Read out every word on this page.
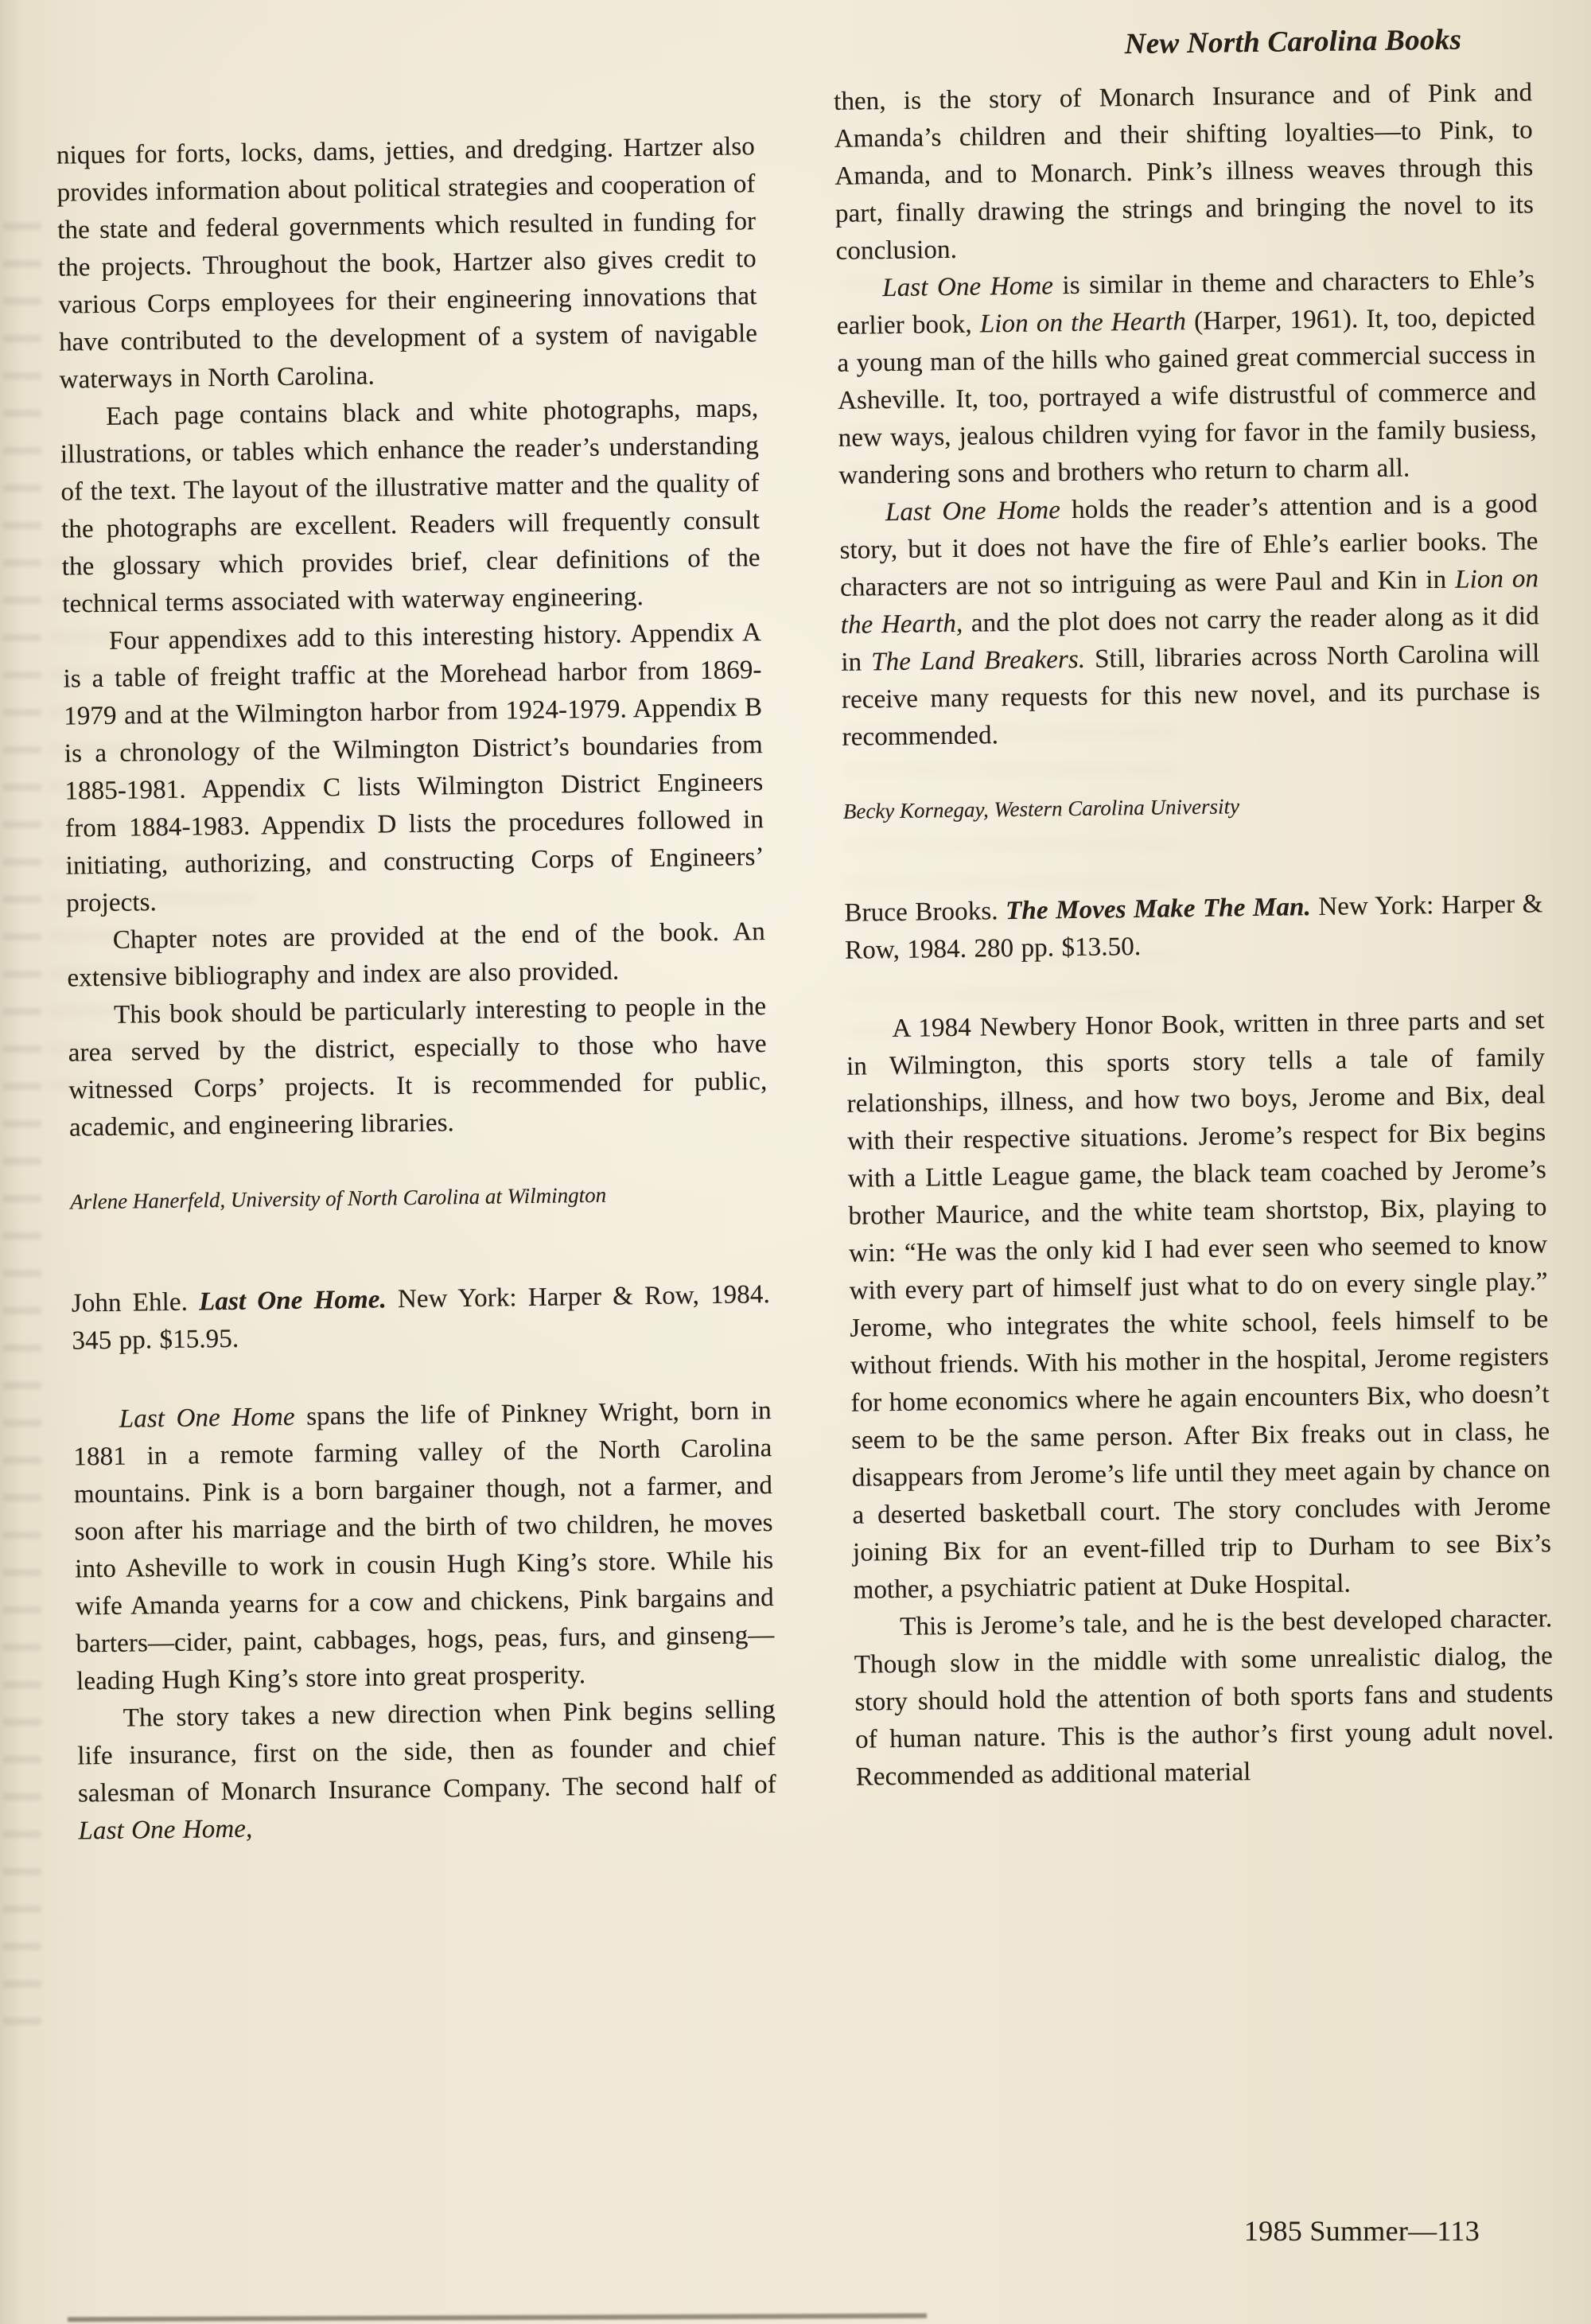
New North Carolina Books

niques for forts, locks, dams, jetties, and dredging. Hartzer also provides information about political strategies and cooperation of the state and federal governments which resulted in funding for the projects. Throughout the book, Hartzer also gives credit to various Corps employees for their engineering innovations that have contributed to the development of a system of navigable waterways in North Carolina.

Each page contains black and white photographs, maps, illustrations, or tables which enhance the reader’s understanding of the text. The layout of the illustrative matter and the quality of the photographs are excellent. Readers will frequently consult the glossary which provides brief, clear definitions of the technical terms associated with waterway engineering.

Four appendixes add to this interesting history. Appendix A is a table of freight traffic at the Morehead harbor from 1869-1979 and at the Wilmington harbor from 1924-1979. Appendix B is a chronology of the Wilmington District’s boundaries from 1885-1981. Appendix C lists Wilmington District Engineers from 1884-1983. Appendix D lists the procedures followed in initiating, authorizing, and constructing Corps of Engineers’ projects.

Chapter notes are provided at the end of the book. An extensive bibliography and index are also provided.

This book should be particularly interesting to people in the area served by the district, especially to those who have witnessed Corps’ projects. It is recommended for public, academic, and engineering libraries.

Arlene Hanerfeld, University of North Carolina at Wilmington

John Ehle. Last One Home. New York: Harper & Row, 1984. 345 pp. $15.95.

Last One Home spans the life of Pinkney Wright, born in 1881 in a remote farming valley of the North Carolina mountains. Pink is a born bargainer though, not a farmer, and soon after his marriage and the birth of two children, he moves into Asheville to work in cousin Hugh King’s store. While his wife Amanda yearns for a cow and chickens, Pink bargains and barters—cider, paint, cabbages, hogs, peas, furs, and ginseng—leading Hugh King’s store into great prosperity.

The story takes a new direction when Pink begins selling life insurance, first on the side, then as founder and chief salesman of Monarch Insurance Company. The second half of Last One Home,

then, is the story of Monarch Insurance and of Pink and Amanda’s children and their shifting loyalties—to Pink, to Amanda, and to Monarch. Pink’s illness weaves through this part, finally drawing the strings and bringing the novel to its conclusion.

Last One Home is similar in theme and characters to Ehle’s earlier book, Lion on the Hearth (Harper, 1961). It, too, depicted a young man of the hills who gained great commercial success in Asheville. It, too, portrayed a wife distrustful of commerce and new ways, jealous children vying for favor in the family busiess, wandering sons and brothers who return to charm all.

Last One Home holds the reader’s attention and is a good story, but it does not have the fire of Ehle’s earlier books. The characters are not so intriguing as were Paul and Kin in Lion on the Hearth, and the plot does not carry the reader along as it did in The Land Breakers. Still, libraries across North Carolina will receive many requests for this new novel, and its purchase is recommended.

Becky Kornegay, Western Carolina University

Bruce Brooks. The Moves Make The Man. New York: Harper & Row, 1984. 280 pp. $13.50.

A 1984 Newbery Honor Book, written in three parts and set in Wilmington, this sports story tells a tale of family relationships, illness, and how two boys, Jerome and Bix, deal with their respective situations. Jerome’s respect for Bix begins with a Little League game, the black team coached by Jerome’s brother Maurice, and the white team shortstop, Bix, playing to win: “He was the only kid I had ever seen who seemed to know with every part of himself just what to do on every single play.” Jerome, who integrates the white school, feels himself to be without friends. With his mother in the hospital, Jerome registers for home economics where he again encounters Bix, who doesn’t seem to be the same person. After Bix freaks out in class, he disappears from Jerome’s life until they meet again by chance on a deserted basketball court. The story concludes with Jerome joining Bix for an event-filled trip to Durham to see Bix’s mother, a psychiatric patient at Duke Hospital.

This is Jerome’s tale, and he is the best developed character. Though slow in the middle with some unrealistic dialog, the story should hold the attention of both sports fans and students of human nature. This is the author’s first young adult novel. Recommended as additional material

1985 Summer—113
